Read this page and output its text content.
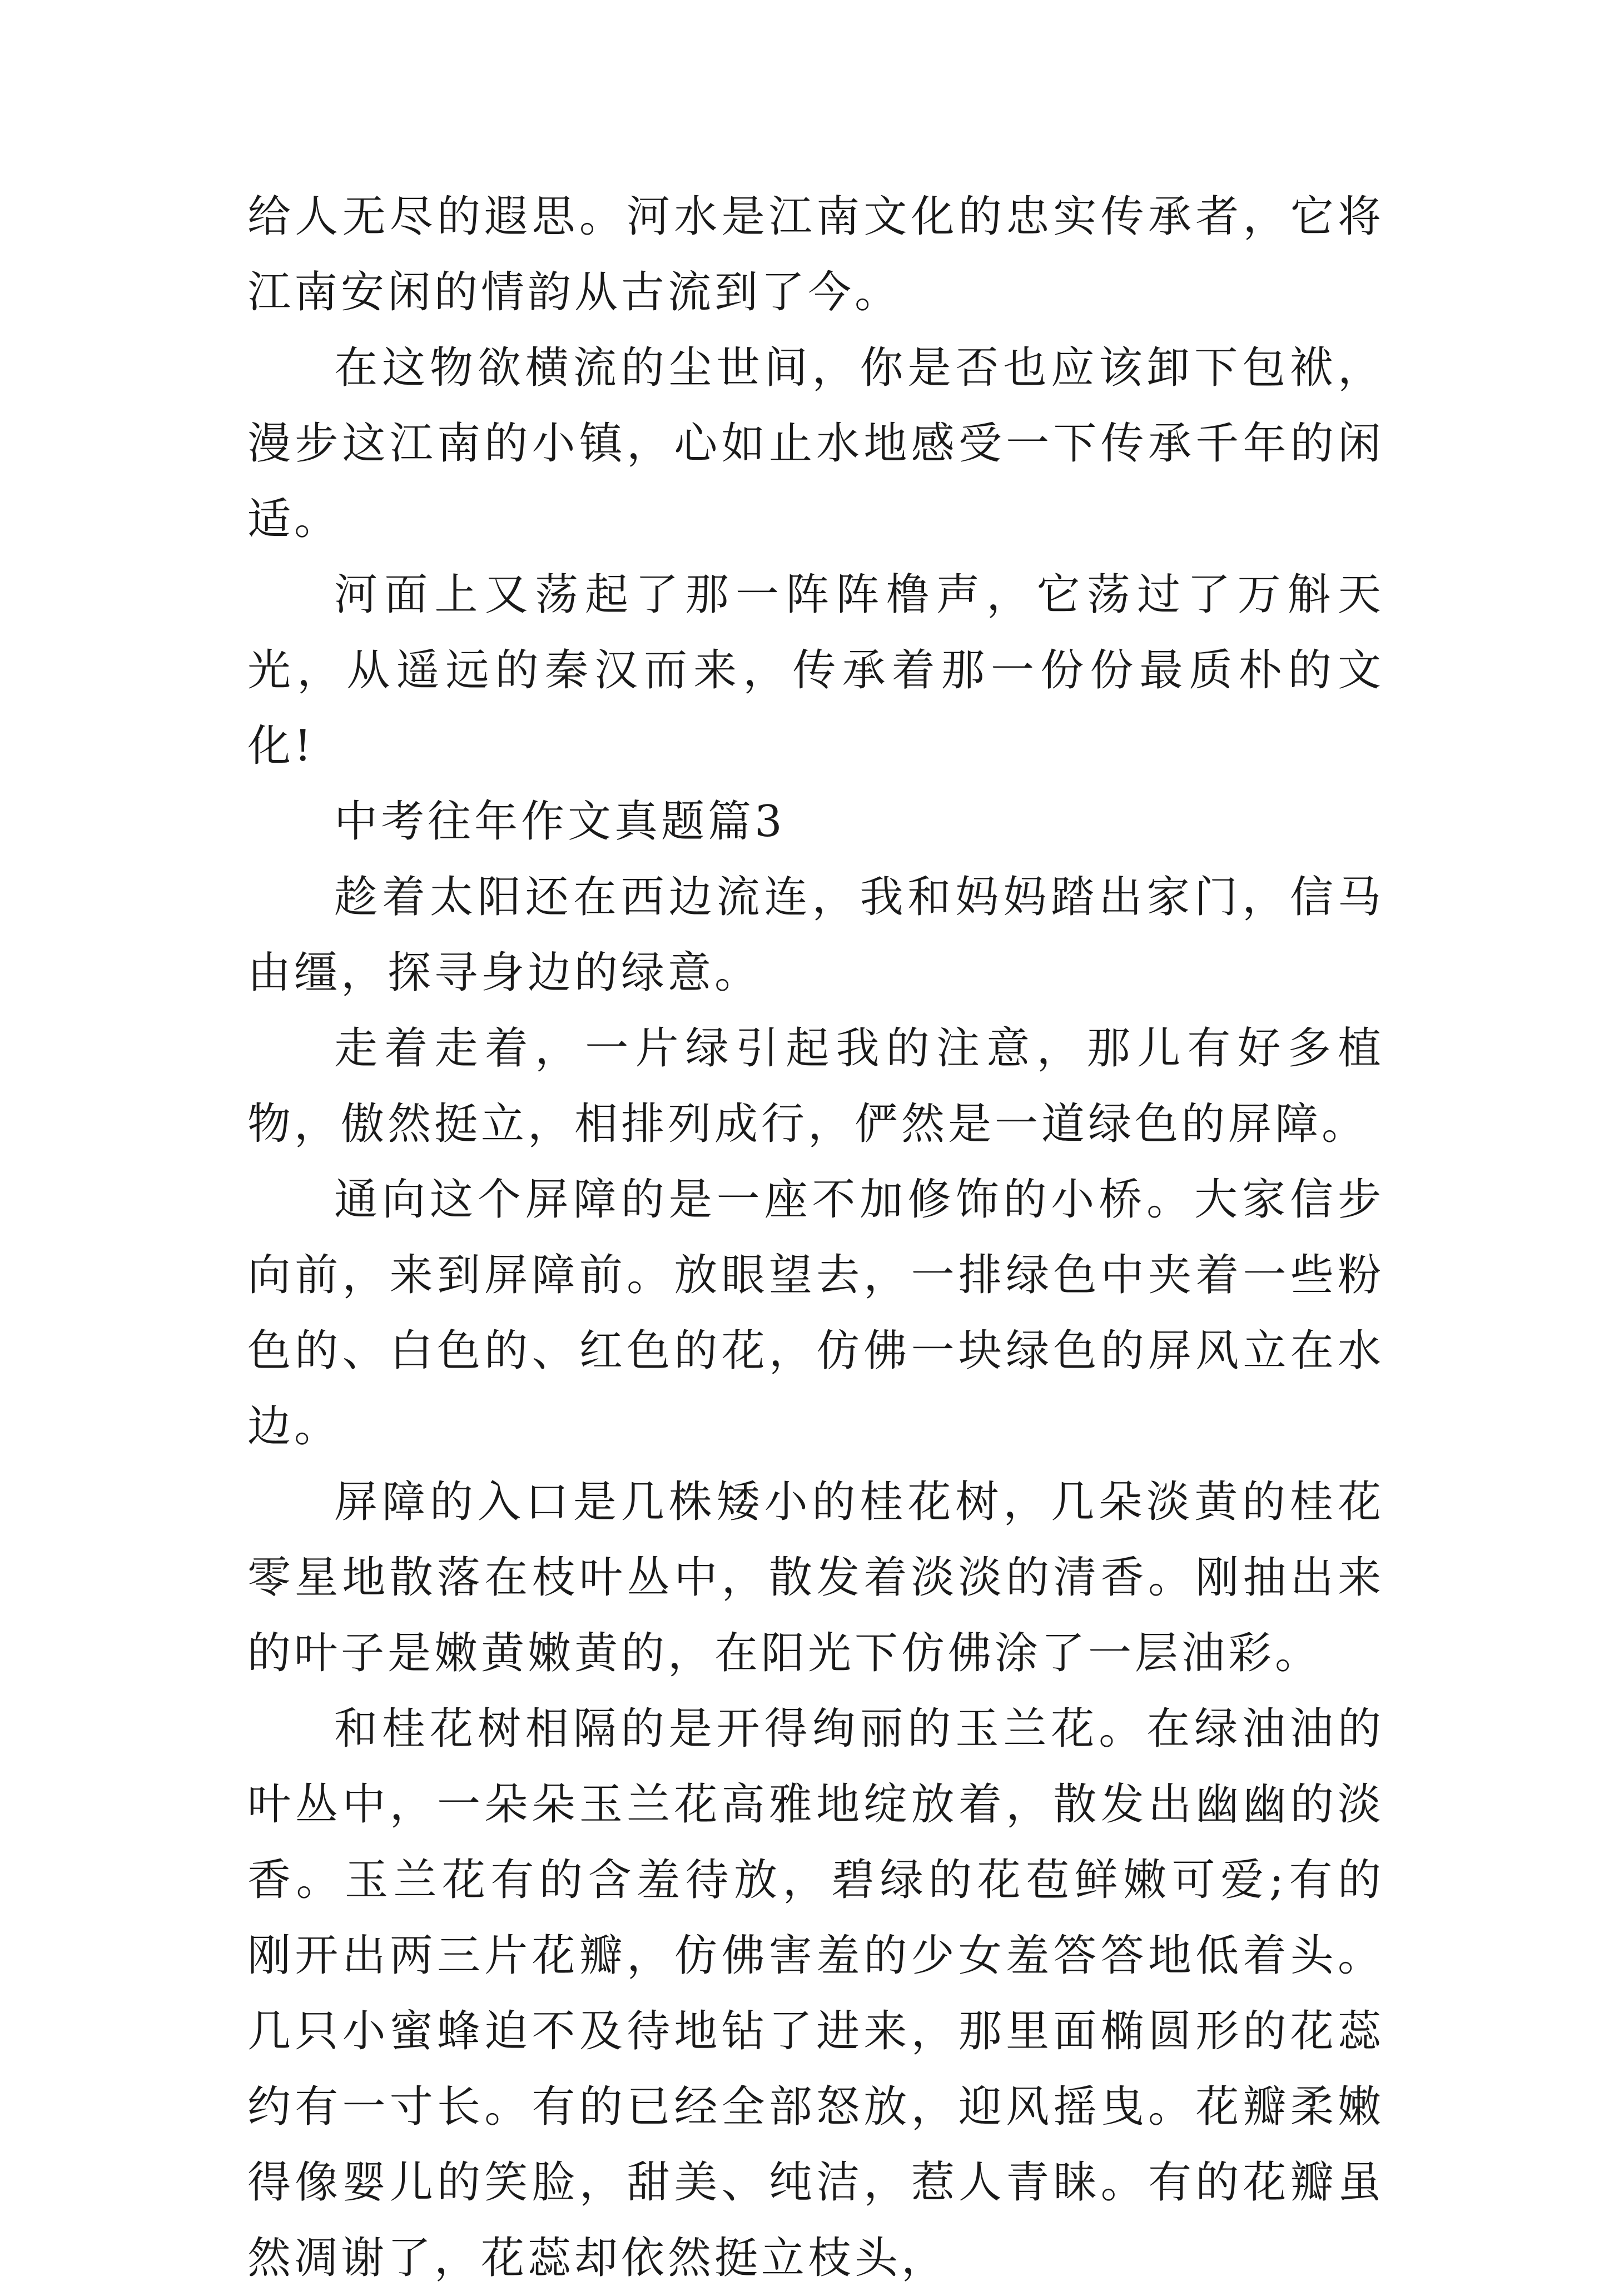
给人无尽的遐思。河水是江南文化的忠实传承者，它将江南安闲的情韵从古流到了今。

在这物欲横流的尘世间，你是否也应该卸下包袱，漫步这江南的小镇，心如止水地感受一下传承千年的闲适。

河面上又荡起了那一阵阵橹声，它荡过了万斛天光，从遥远的秦汉而来，传承着那一份份最质朴的文化!

中考往年作文真题篇3

趁着太阳还在西边流连，我和妈妈踏出家门，信马由缰，探寻身边的绿意。

走着走着，一片绿引起我的注意，那儿有好多植物，傲然挺立，相排列成行，俨然是一道绿色的屏障。

通向这个屏障的是一座不加修饰的小桥。大家信步向前，来到屏障前。放眼望去，一排绿色中夹着一些粉色的、白色的、红色的花，仿佛一块绿色的屏风立在水边。

屏障的入口是几株矮小的桂花树，几朵淡黄的桂花零星地散落在枝叶丛中，散发着淡淡的清香。刚抽出来的叶子是嫩黄嫩黄的，在阳光下仿佛涂了一层油彩。

和桂花树相隔的是开得绚丽的玉兰花。在绿油油的叶丛中，一朵朵玉兰花高雅地绽放着，散发出幽幽的淡香。玉兰花有的含羞待放，碧绿的花苞鲜嫩可爱;有的刚开出两三片花瓣，仿佛害羞的少女羞答答地低着头。几只小蜜蜂迫不及待地钻了进来，那里面椭圆形的花蕊约有一寸长。有的已经全部怒放，迎风摇曳。花瓣柔嫩得像婴儿的笑脸，甜美、纯洁，惹人青睐。有的花瓣虽然凋谢了，花蕊却依然挺立枝头，
